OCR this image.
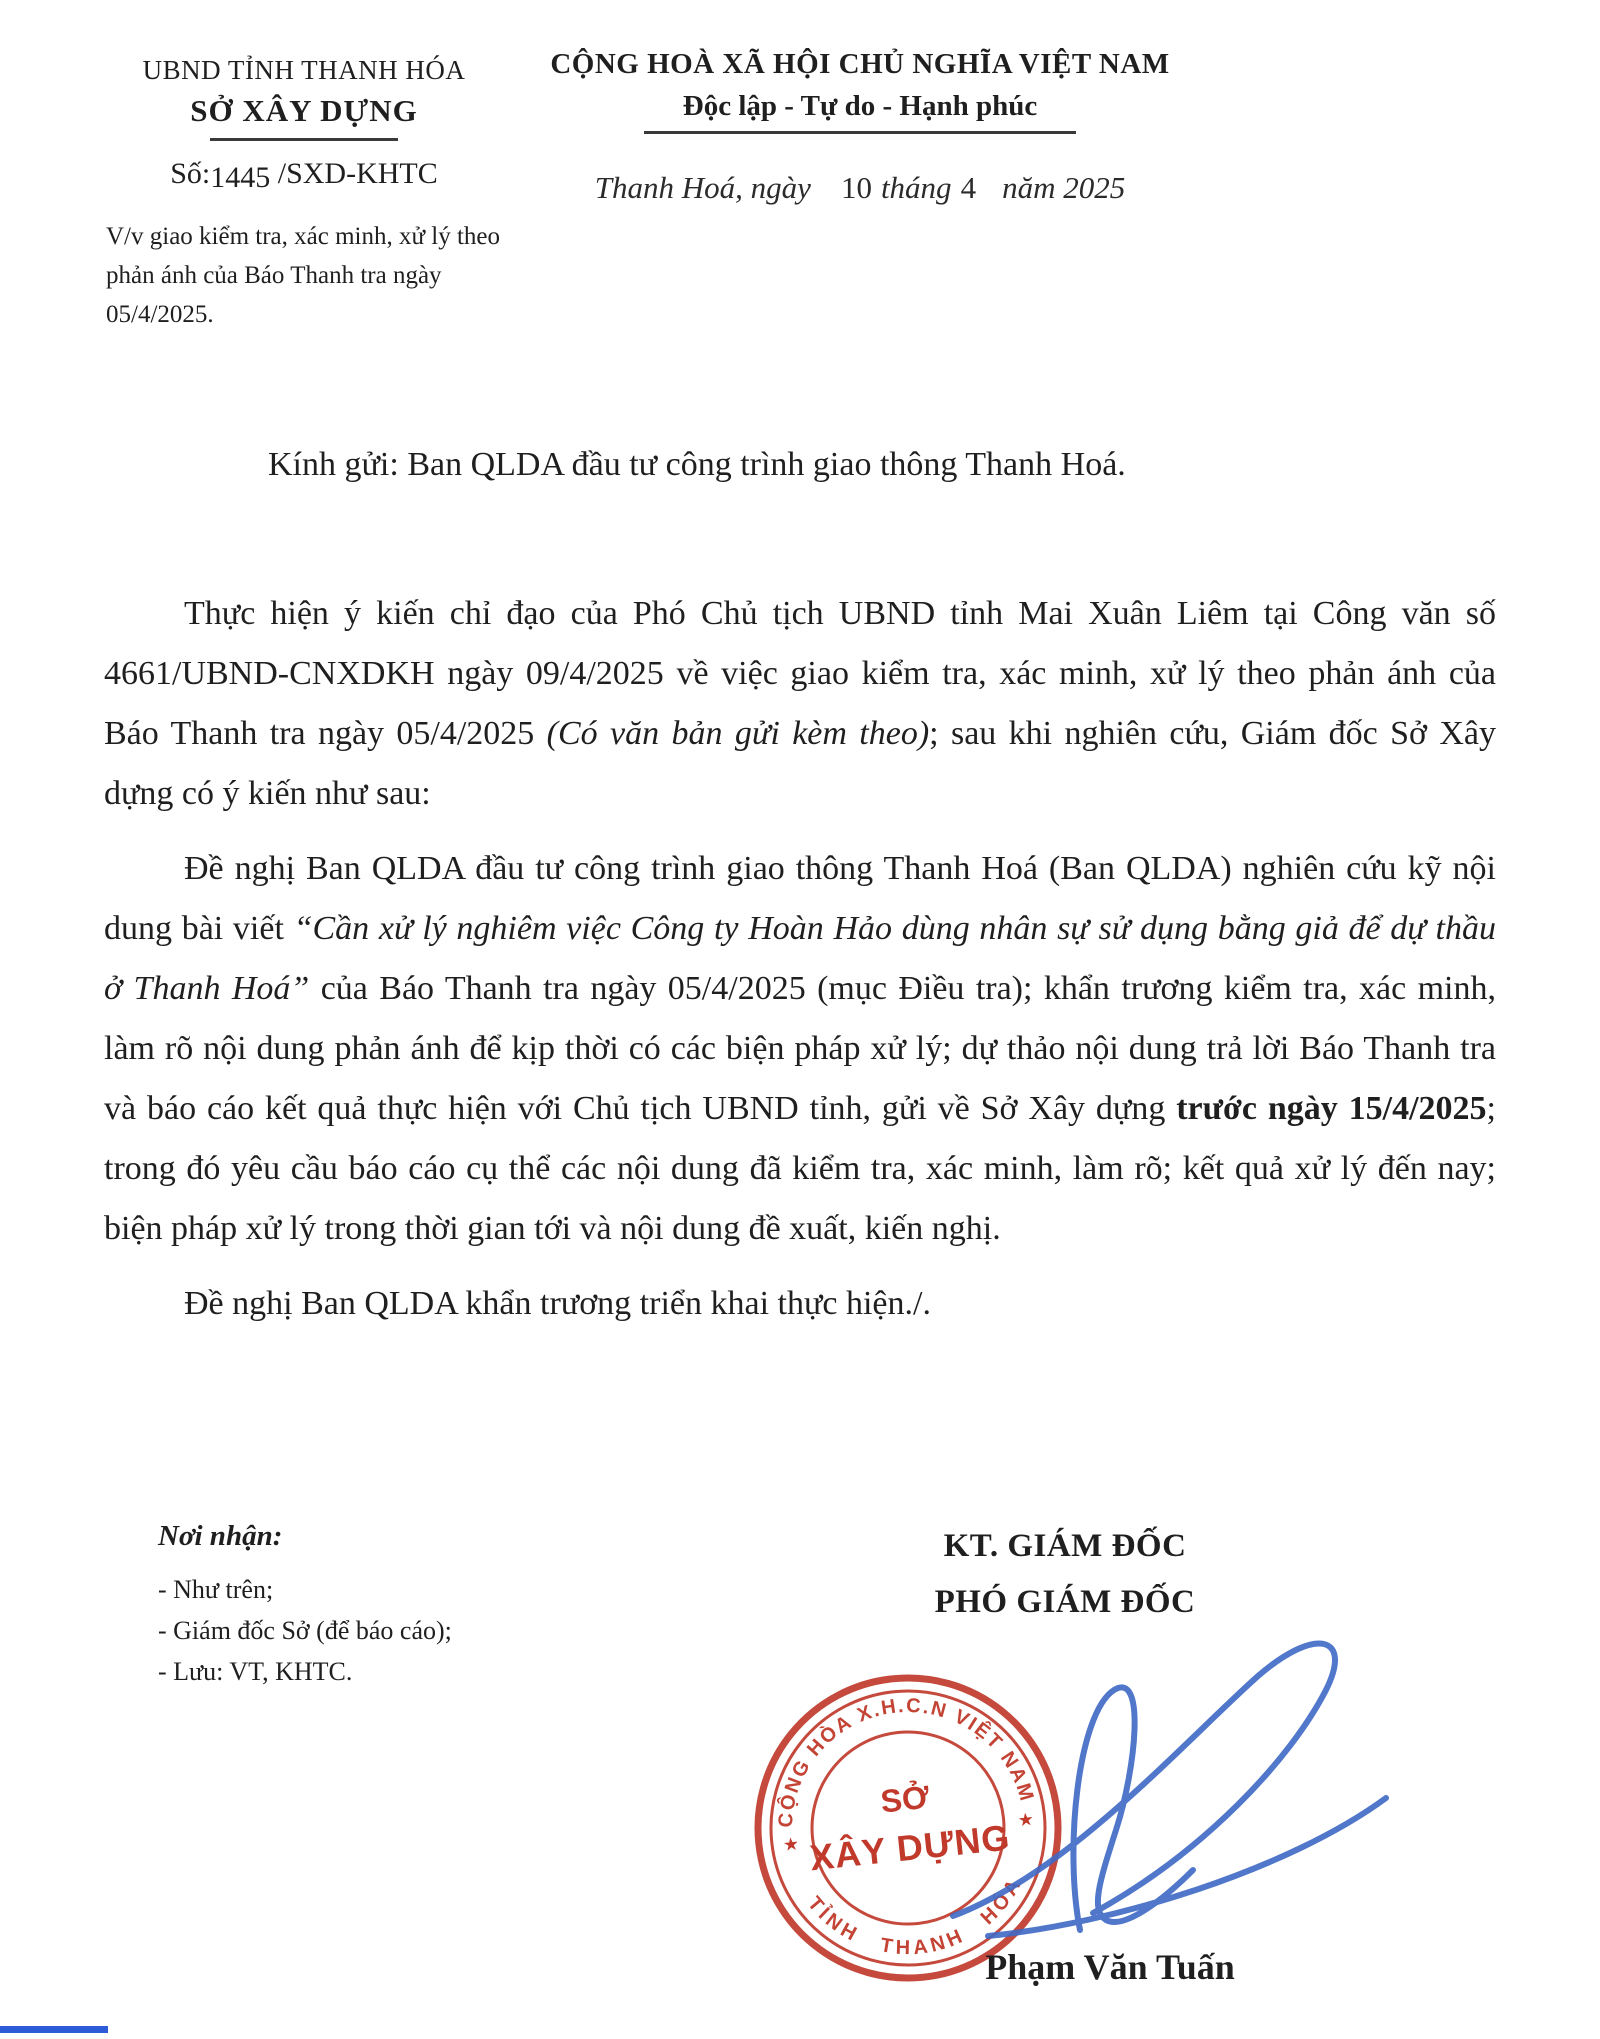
UBND TỈNH THANH HÓA
SỞ XÂY DỰNG
Số:1445 /SXD-KHTC
V/v giao kiểm tra, xác minh, xử lý theo phản ánh của Báo Thanh tra ngày 05/4/2025.
CỘNG HOÀ XÃ HỘI CHỦ NGHĨA VIỆT NAM
Độc lập - Tự do - Hạnh phúc
Thanh Hoá, ngày 10 tháng 4 năm 2025
Kính gửi: Ban QLDA đầu tư công trình giao thông Thanh Hoá.

Thực hiện ý kiến chỉ đạo của Phó Chủ tịch UBND tỉnh Mai Xuân Liêm tại Công văn số 4661/UBND-CNXDKH ngày 09/4/2025 về việc giao kiểm tra, xác minh, xử lý theo phản ánh của Báo Thanh tra ngày 05/4/2025 (Có văn bản gửi kèm theo); sau khi nghiên cứu, Giám đốc Sở Xây dựng có ý kiến như sau:

Đề nghị Ban QLDA đầu tư công trình giao thông Thanh Hoá (Ban QLDA) nghiên cứu kỹ nội dung bài viết “Cần xử lý nghiêm việc Công ty Hoàn Hảo dùng nhân sự sử dụng bằng giả để dự thầu ở Thanh Hoá” của Báo Thanh tra ngày 05/4/2025 (mục Điều tra); khẩn trương kiểm tra, xác minh, làm rõ nội dung phản ánh để kịp thời có các biện pháp xử lý; dự thảo nội dung trả lời Báo Thanh tra và báo cáo kết quả thực hiện với Chủ tịch UBND tỉnh, gửi về Sở Xây dựng trước ngày 15/4/2025; trong đó yêu cầu báo cáo cụ thể các nội dung đã kiểm tra, xác minh, làm rõ; kết quả xử lý đến nay; biện pháp xử lý trong thời gian tới và nội dung đề xuất, kiến nghị.

Đề nghị Ban QLDA khẩn trương triển khai thực hiện./.

Nơi nhận:
- Như trên;
- Giám đốc Sở (để báo cáo);
- Lưu: VT, KHTC.
KT. GIÁM ĐỐC
PHÓ GIÁM ĐỐC
CỘNG HÒA X.H.C.N VIỆT NAM
TỈNH THANH HÓA
★
★
SỞ
XÂY DỰNG
Phạm Văn Tuấn
